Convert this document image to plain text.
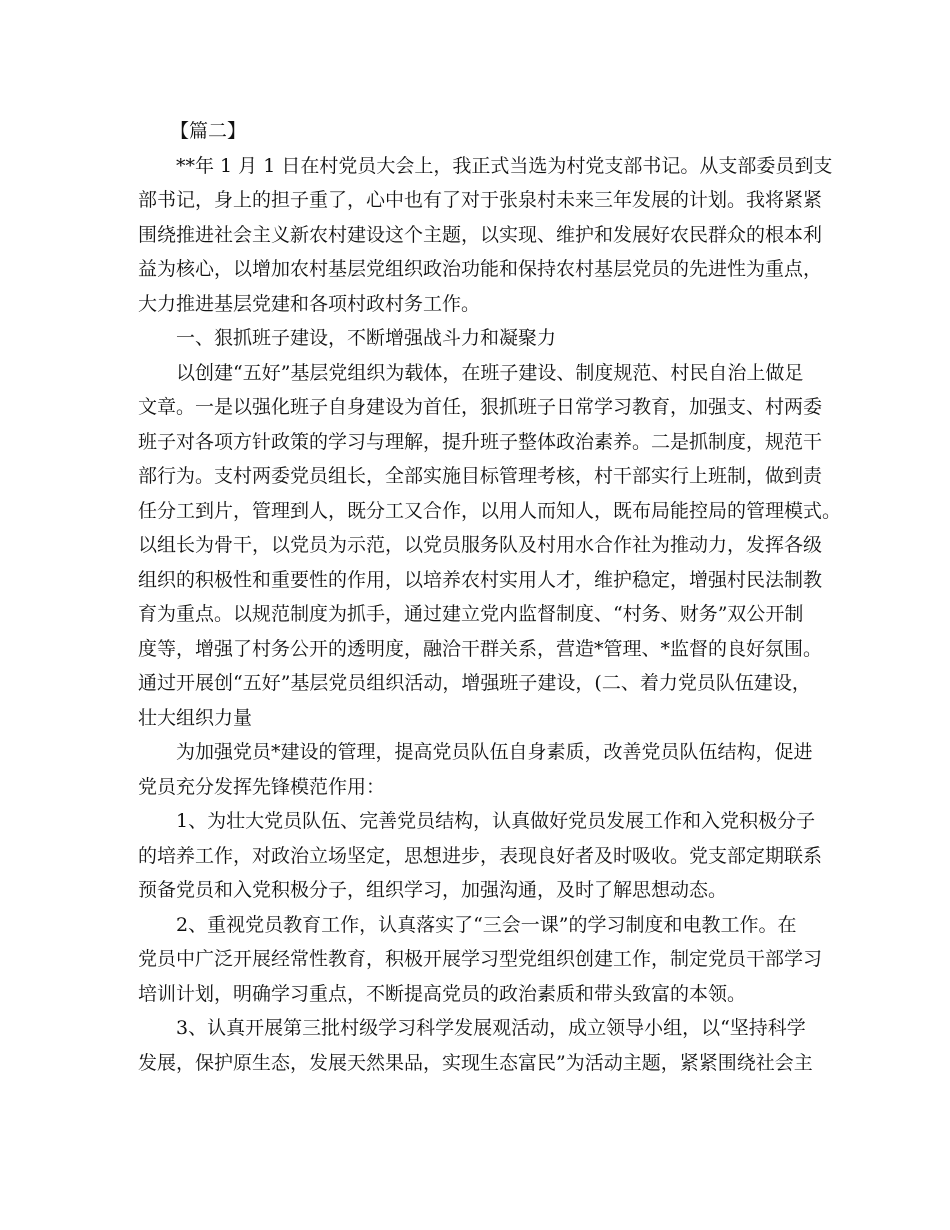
【篇二】
**年 1 月 1 日在村党员大会上，我正式当选为村党支部书记。从支部委员到支
部书记，身上的担子重了，心中也有了对于张泉村未来三年发展的计划。我将紧紧
围绕推进社会主义新农村建设这个主题，以实现、维护和发展好农民群众的根本利
益为核心，以增加农村基层党组织政治功能和保持农村基层党员的先进性为重点，
大力推进基层党建和各项村政村务工作。
一、狠抓班子建设，不断增强战斗力和凝聚力
以创建“五好”基层党组织为载体，在班子建设、制度规范、村民自治上做足
文章。一是以强化班子自身建设为首任，狠抓班子日常学习教育，加强支、村两委
班子对各项方针政策的学习与理解，提升班子整体政治素养。二是抓制度，规范干
部行为。支村两委党员组长，全部实施目标管理考核，村干部实行上班制，做到责
任分工到片，管理到人，既分工又合作，以用人而知人，既布局能控局的管理模式。
以组长为骨干，以党员为示范，以党员服务队及村用水合作社为推动力，发挥各级
组织的积极性和重要性的作用，以培养农村实用人才，维护稳定，增强村民法制教
育为重点。以规范制度为抓手，通过建立党内监督制度、“村务、财务”双公开制
度等，增强了村务公开的透明度，融洽干群关系，营造*管理、*监督的良好氛围。
通过开展创“五好”基层党员组织活动，增强班子建设，(二、着力党员队伍建设，
壮大组织力量
为加强党员*建设的管理，提高党员队伍自身素质，改善党员队伍结构，促进
党员充分发挥先锋模范作用：
1、为壮大党员队伍、完善党员结构，认真做好党员发展工作和入党积极分子
的培养工作，对政治立场坚定，思想进步，表现良好者及时吸收。党支部定期联系
预备党员和入党积极分子，组织学习，加强沟通，及时了解思想动态。
2、重视党员教育工作，认真落实了“三会一课”的学习制度和电教工作。在
党员中广泛开展经常性教育，积极开展学习型党组织创建工作，制定党员干部学习
培训计划，明确学习重点，不断提高党员的政治素质和带头致富的本领。
3、认真开展第三批村级学习科学发展观活动，成立领导小组，以“坚持科学
发展，保护原生态，发展天然果品，实现生态富民”为活动主题，紧紧围绕社会主
